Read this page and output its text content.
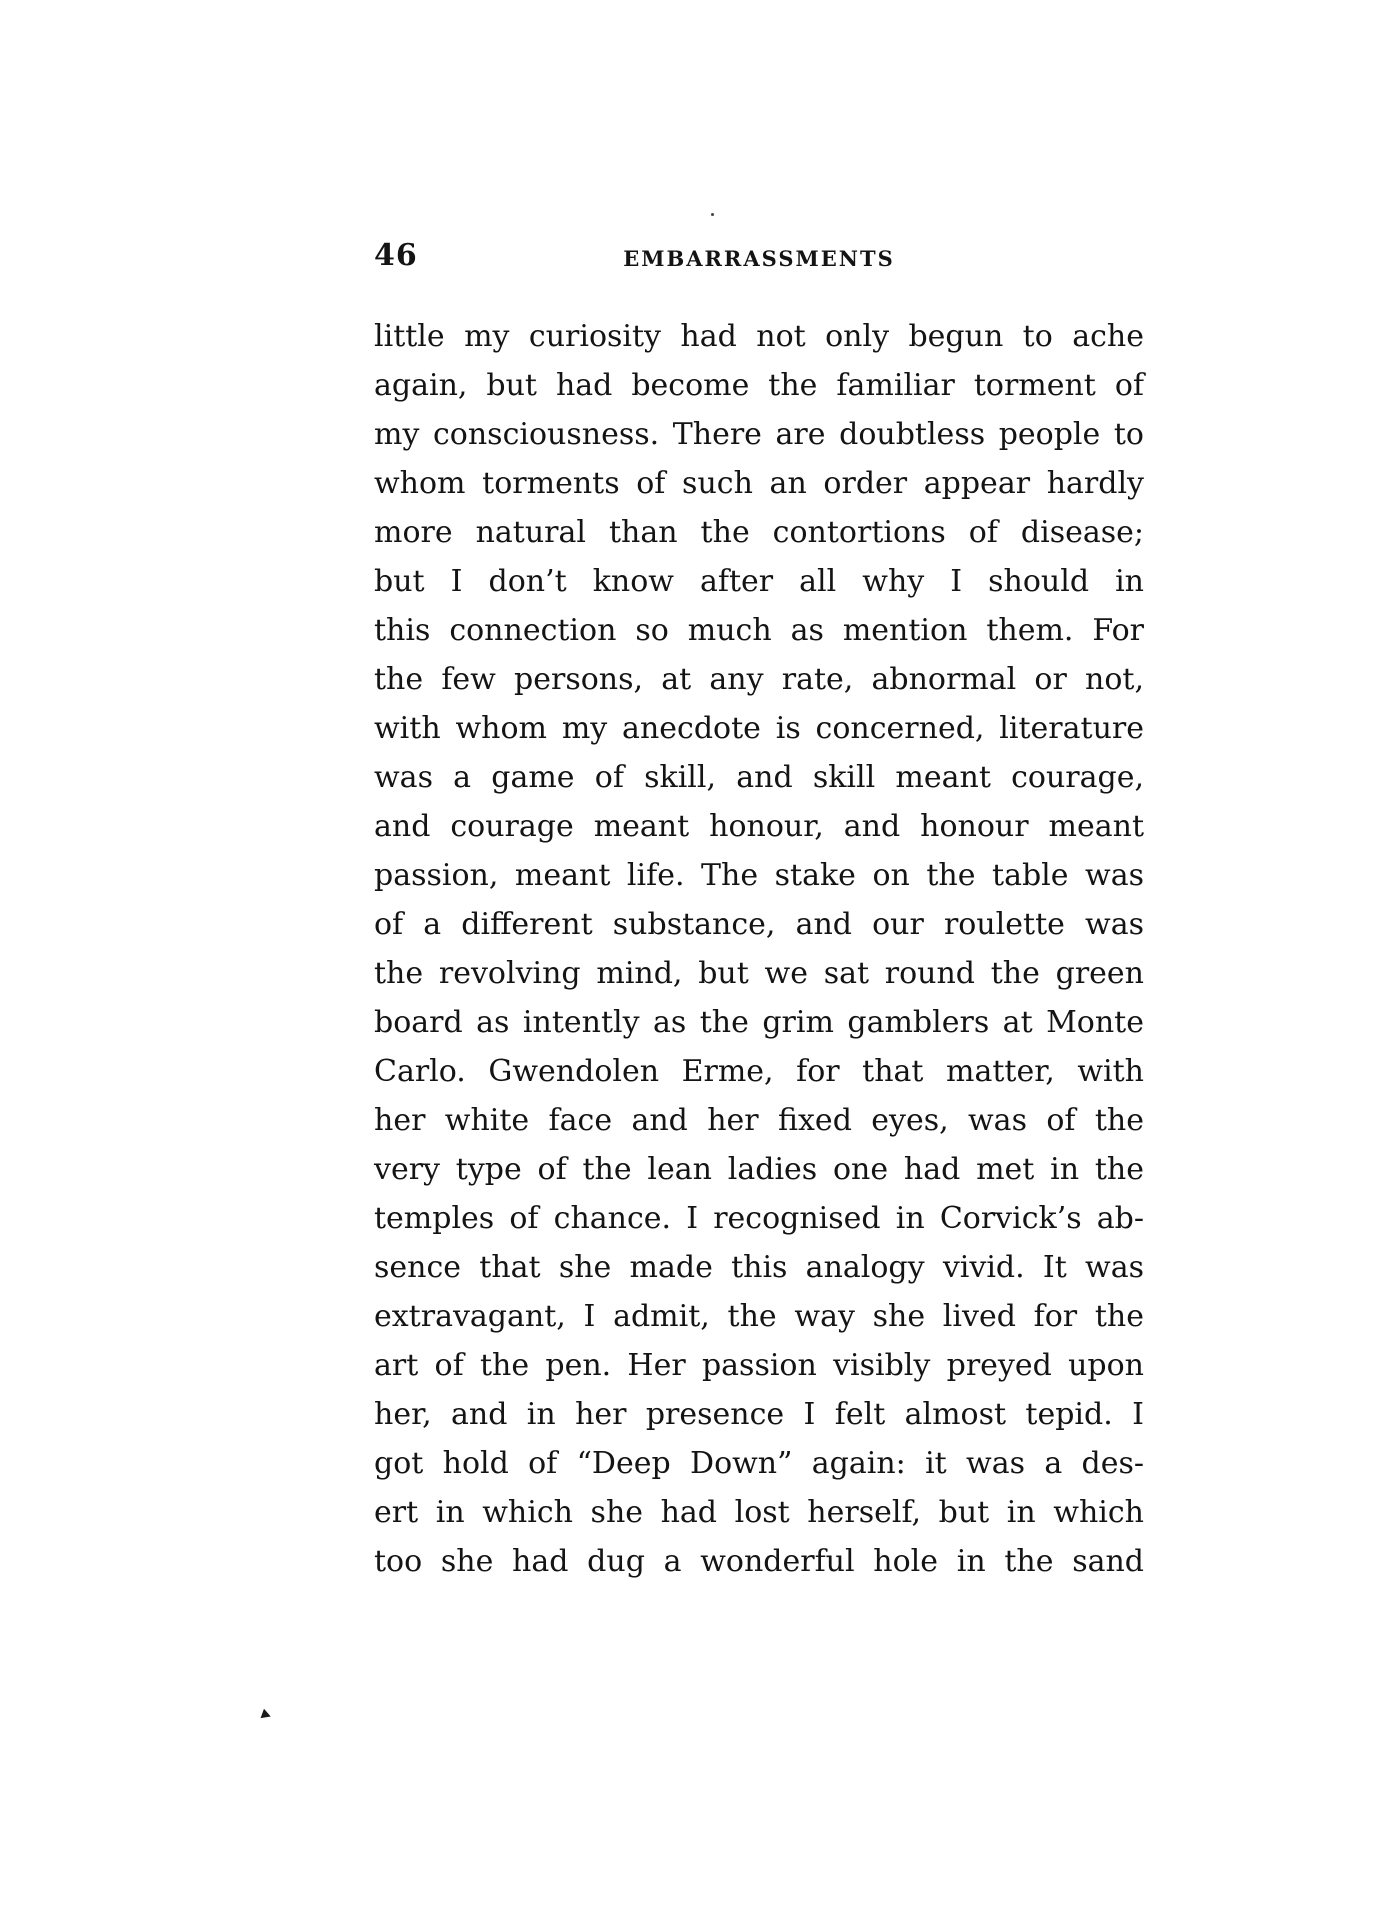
46	EMBARRASSMENTS
little my curiosity had not only begun to ache
again, but had become the familiar torment of
my consciousness. There are doubtless people to
whom torments of such an order appear hardly
more natural than the contortions of disease;
but I don’t know after all why I should in
this connection so much as mention them. For
the few persons, at any rate, abnormal or not,
with whom my anecdote is concerned, literature
was a game of skill, and skill meant courage,
and courage meant honour, and honour meant
passion, meant life. The stake on the table was
of a different substance, and our roulette was
the revolving mind, but we sat round the green
board as intently as the grim gamblers at Monte
Carlo. Gwendolen Erme, for that matter, with
her white face and her fixed eyes, was of the
very type of the lean ladies one had met in the
temples of chance. I recognised in Corvick’s ab-
sence that she made this analogy vivid. It was
extravagant, I admit, the way she lived for the
art of the pen. Her passion visibly preyed upon
her, and in her presence I felt almost tepid. I
got hold of “Deep Down” again: it was a des-
ert in which she had lost herself, but in which
too she had dug a wonderful hole in the sand
